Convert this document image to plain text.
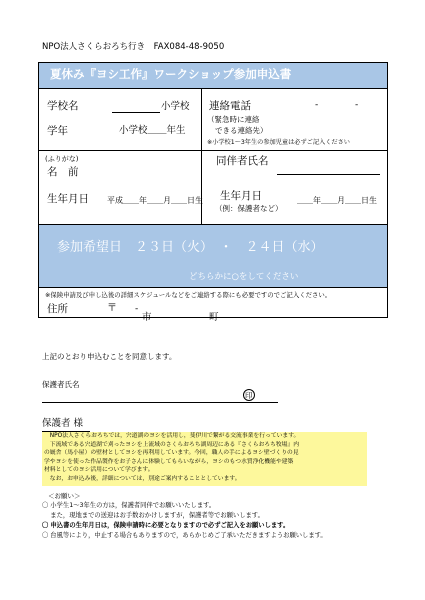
NPO法人さくらおろち行き　FAX084-48-9050
夏休み『ヨシ工作』ワークショップ参加申込書
学校名	小学校
学年	小学校＿＿年生
連絡電話
（緊急時に連絡
できる連絡先）
-	-
※小学校1～3年生の参加児童は必ずご記入ください
(ふりがな)
名　前
生年月日 平成＿＿年＿＿月＿＿日生
同伴者氏名
生年月日
（例：保護者など）
＿＿年＿＿月＿＿日生
参加希望日　２３日（火）　・　２４日（水）
どちらかに○をしてください
※保険申請及び申し込後の詳細スケジュールなどをご連絡する際にも必要ですのでご記入ください。
住所	〒 -
市	町
上記のとおり申込むことを同意します。
保護者氏名
印
保護者 様
　NPO法人さくらおろちでは，宍道湖のヨシを活用し，斐伊川で繋がる交流事業を行っています。
　下流域である宍道湖で刈ったヨシを上流域のさくらおろち湖周辺にある『さくらおろち牧場』内
の厩舎（馬小屋）の壁材としてヨシを再利用しています。今回，職人の手によるヨシ壁づくりの見
学やヨシを使った作品製作をお子さんに体験してもらいながら，ヨシのもつ水質浄化機能や建築
材料としてのヨシ活用について学びます。
　なお，お申込み後，詳細については，別途ご案内することとしています。
＜お願い＞
〇 小学生1～3年生の方は，保護者同伴でお願いいたします。
　 また，現地までの送迎はお手数おかけしますが，保護者等でお願いします。
〇 申込書の生年月日は，保険申請時に必要となりますので必ずご記入をお願いします。
〇 台風等により，中止する場合もありますので，あらかじめご了承いただきますようお願いします。
